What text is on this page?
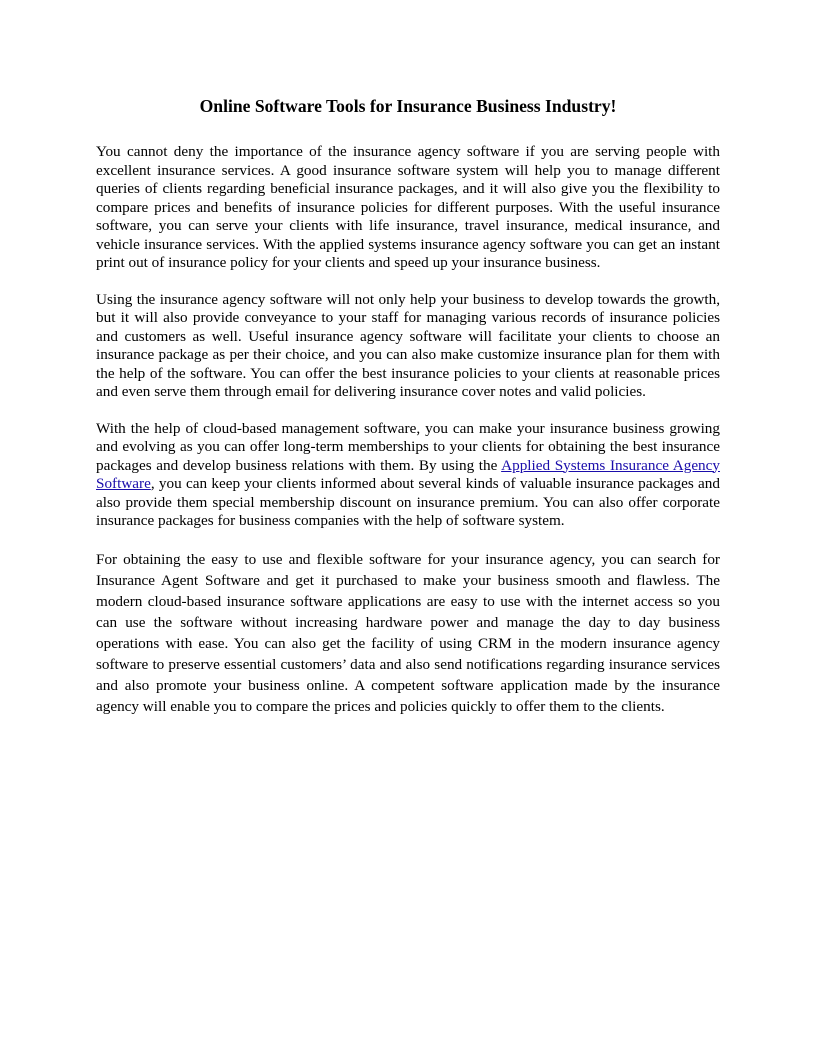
Online Software Tools for Insurance Business Industry!

You cannot deny the importance of the insurance agency software if you are serving people with excellent insurance services. A good insurance software system will help you to manage different queries of clients regarding beneficial insurance packages, and it will also give you the flexibility to compare prices and benefits of insurance policies for different purposes. With the useful insurance software, you can serve your clients with life insurance, travel insurance, medical insurance, and vehicle insurance services. With the applied systems insurance agency software you can get an instant print out of insurance policy for your clients and speed up your insurance business.

Using the insurance agency software will not only help your business to develop towards the growth, but it will also provide conveyance to your staff for managing various records of insurance policies and customers as well. Useful insurance agency software will facilitate your clients to choose an insurance package as per their choice, and you can also make customize insurance plan for them with the help of the software. You can offer the best insurance policies to your clients at reasonable prices and even serve them through email for delivering insurance cover notes and valid policies.

With the help of cloud-based management software, you can make your insurance business growing and evolving as you can offer long-term memberships to your clients for obtaining the best insurance packages and develop business relations with them. By using the Applied Systems Insurance Agency Software, you can keep your clients informed about several kinds of valuable insurance packages and also provide them special membership discount on insurance premium. You can also offer corporate insurance packages for business companies with the help of software system.

For obtaining the easy to use and flexible software for your insurance agency, you can search for Insurance Agent Software and get it purchased to make your business smooth and flawless. The modern cloud-based insurance software applications are easy to use with the internet access so you can use the software without increasing hardware power and manage the day to day business operations with ease. You can also get the facility of using CRM in the modern insurance agency software to preserve essential customers’ data and also send notifications regarding insurance services and also promote your business online. A competent software application made by the insurance agency will enable you to compare the prices and policies quickly to offer them to the clients.
